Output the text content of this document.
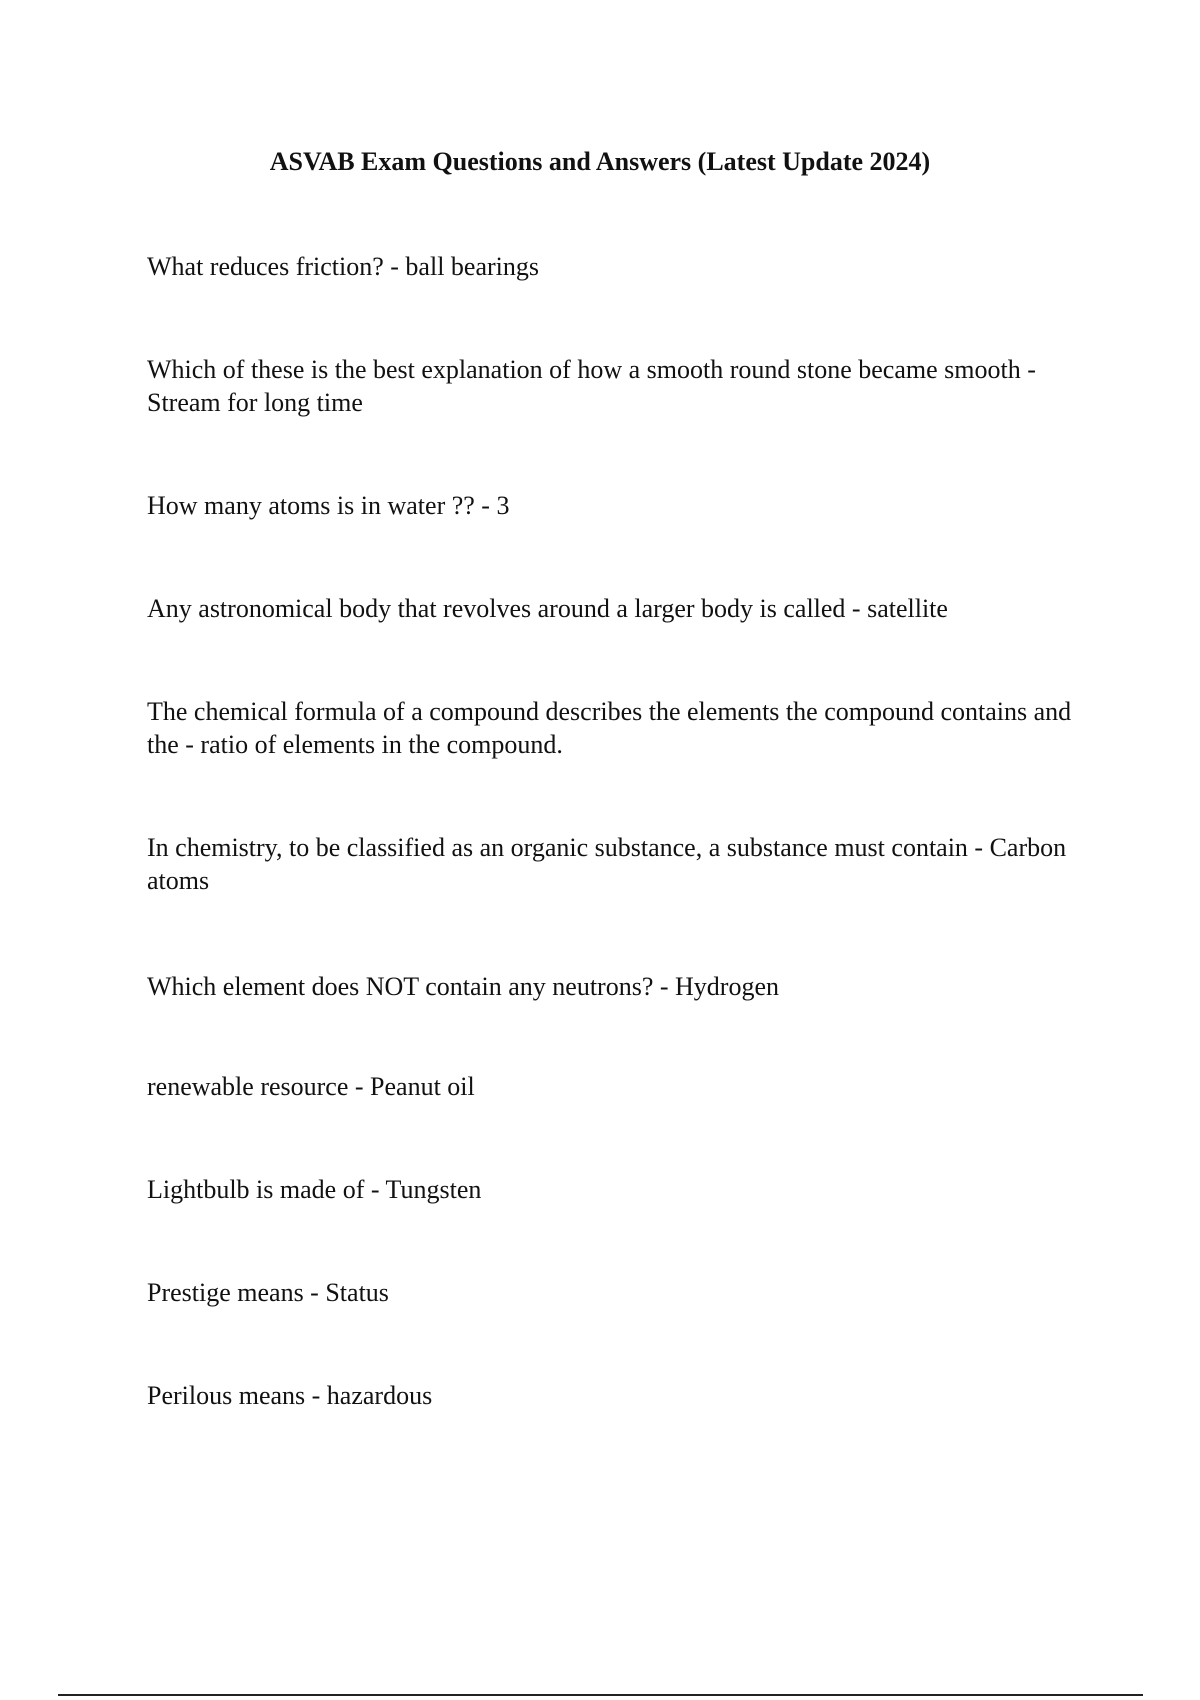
ASVAB Exam Questions and Answers (Latest Update 2024)

What reduces friction? - ball bearings

Which of these is the best explanation of how a smooth round stone became smooth - Stream for long time

How many atoms is in water ?? - 3

Any astronomical body that revolves around a larger body is called - satellite

The chemical formula of a compound describes the elements the compound contains and the - ratio of elements in the compound.

In chemistry, to be classified as an organic substance, a substance must contain - Carbon atoms

Which element does NOT contain any neutrons? - Hydrogen

renewable resource - Peanut oil

Lightbulb is made of - Tungsten

Prestige means - Status

Perilous means - hazardous
